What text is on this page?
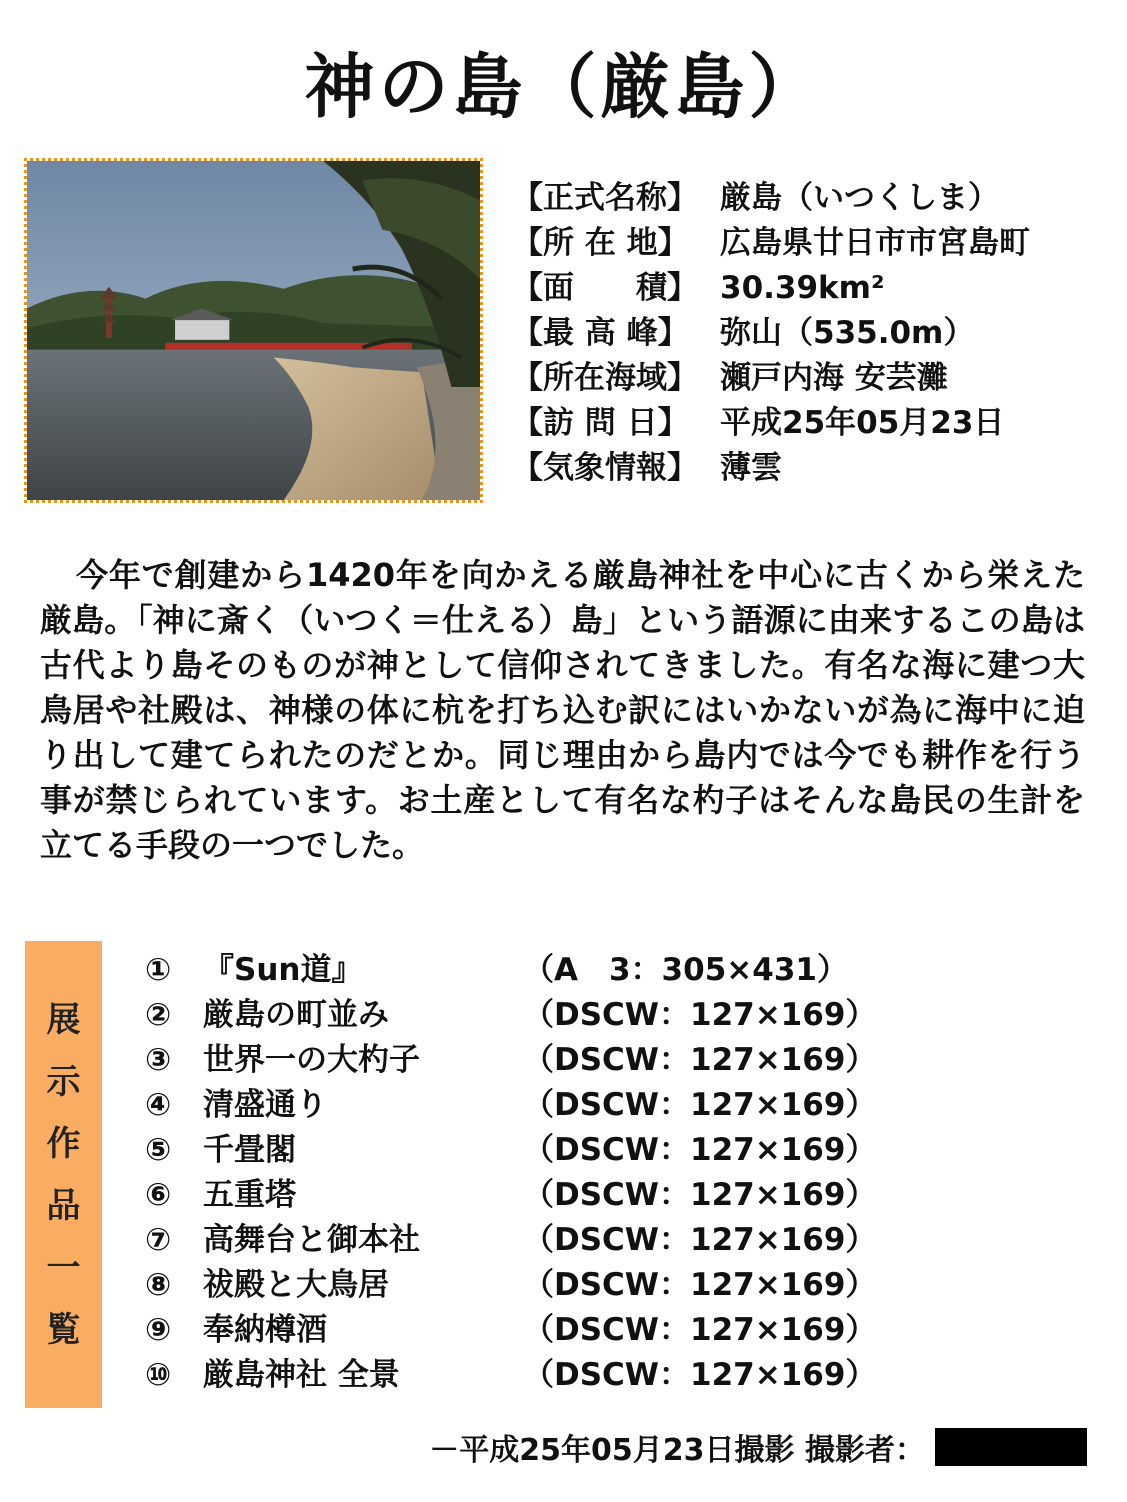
神の島（厳島）
【正式名称】 厳島（いつくしま）
【所 在 地】	広島県廿日市市宮島町
【面　　積】 30.39km²
【最 高 峰】	弥山（535.0m）
【所在海域】 瀬戸内海 安芸灘
【訪 問 日】	平成25年05月23日
【気象情報】 薄雲
今年で創建から1420年を向かえる厳島神社を中心に古くから栄えた厳島。「神に斎く（いつく＝仕える）島」という語源に由来するこの島は古代より島そのものが神として信仰されてきました。有名な海に建つ大鳥居や社殿は、神様の体に杭を打ち込む訳にはいかないが為に海中に迫り出して建てられたのだとか。同じ理由から島内では今でも耕作を行う事が禁じられています。お土産として有名な杓子はそんな島民の生計を立てる手段の一つでした。
展
示
作
品
一
覧
①	『Sun道』	（A　3：305×431）
②	厳島の町並み	（DSCW：127×169）
③	世界一の大杓子	（DSCW：127×169）
④	清盛通り	（DSCW：127×169）
⑤	千畳閣	（DSCW：127×169）
⑥	五重塔	（DSCW：127×169）
⑦	高舞台と御本社	（DSCW：127×169）
⑧	祓殿と大鳥居	（DSCW：127×169）
⑨	奉納樽酒	（DSCW：127×169）
⑩	厳島神社 全景	（DSCW：127×169）
－平成25年05月23日撮影 撮影者：
